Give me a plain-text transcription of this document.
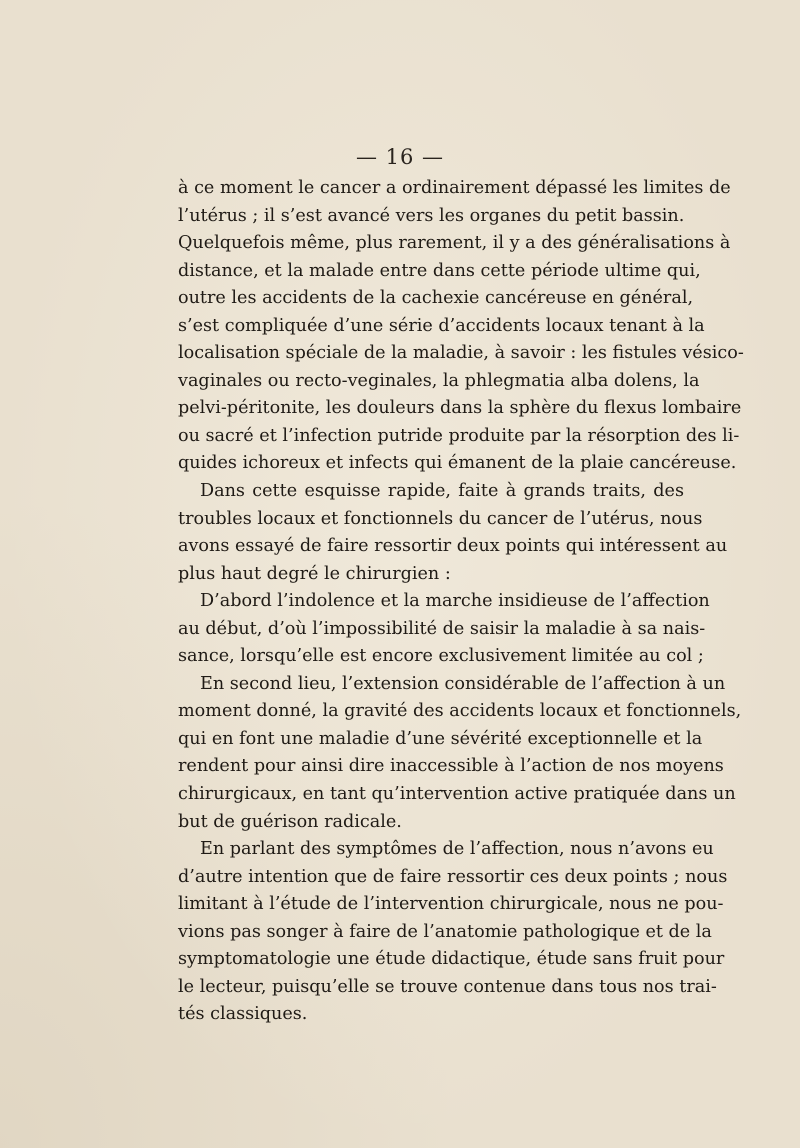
— 16 —
à ce moment le cancer a ordinairement dépassé les limites de
l’utérus ; il s’est avancé vers les organes du petit bassin.
Quelquefois même, plus rarement, il y a des généralisations à
distance, et la malade entre dans cette période ultime qui,
outre les accidents de la cachexie cancéreuse en général,
s’est compliquée d’une série d’accidents locaux tenant à la
localisation spéciale de la maladie, à savoir : les fistules vésico-
vaginales ou recto-veginales, la phlegmatia alba dolens, la
pelvi-péritonite, les douleurs dans la sphère du flexus lombaire
ou sacré et l’infection putride produite par la résorption des li-
quides ichoreux et infects qui émanent de la plaie cancéreuse.
Dans cette esquisse rapide, faite à grands traits, des
troubles locaux et fonctionnels du cancer de l’utérus, nous
avons essayé de faire ressortir deux points qui intéressent au
plus haut degré le chirurgien :
D’abord l’indolence et la marche insidieuse de l’affection
au début, d’où l’impossibilité de saisir la maladie à sa nais-
sance, lorsqu’elle est encore exclusivement limitée au col ;
En second lieu, l’extension considérable de l’affection à un
moment donné, la gravité des accidents locaux et fonctionnels,
qui en font une maladie d’une sévérité exceptionnelle et la
rendent pour ainsi dire inaccessible à l’action de nos moyens
chirurgicaux, en tant qu’intervention active pratiquée dans un
but de guérison radicale.
En parlant des symptômes de l’affection, nous n’avons eu
d’autre intention que de faire ressortir ces deux points ; nous
limitant à l’étude de l’intervention chirurgicale, nous ne pou-
vions pas songer à faire de l’anatomie pathologique et de la
symptomatologie une étude didactique, étude sans fruit pour
le lecteur, puisqu’elle se trouve contenue dans tous nos trai-
tés classiques.
